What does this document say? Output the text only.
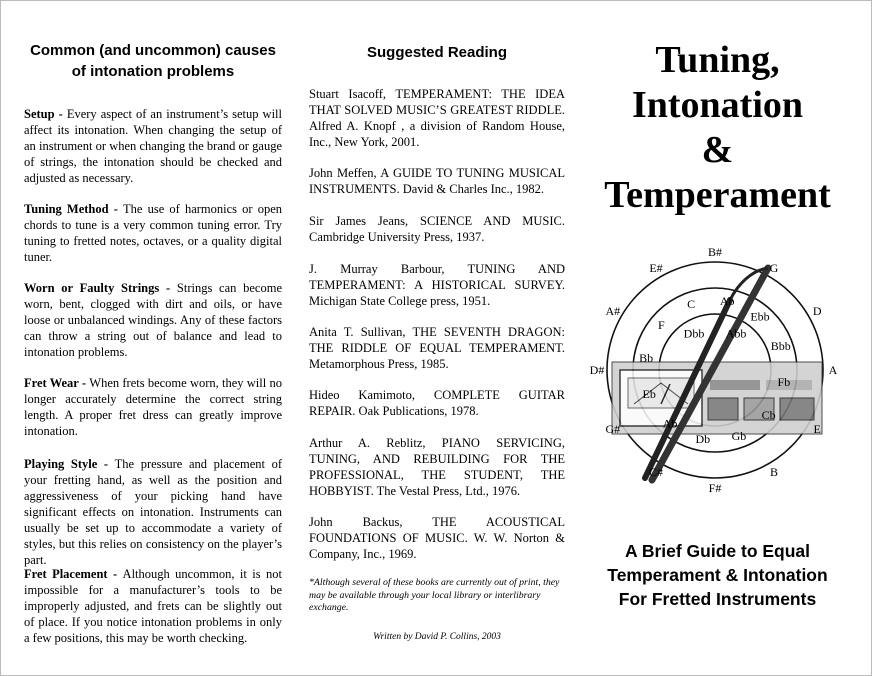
Common (and uncommon) causes of intonation problems
Setup - Every aspect of an instrument’s setup will affect its intonation. When changing the setup of an instrument or when changing the brand or gauge of strings, the intonation should be checked and adjusted as necessary.
Tuning Method - The use of harmonics or open chords to tune is a very common tuning error. Try tuning to fretted notes, octaves, or a quality digital tuner.
Worn or Faulty Strings - Strings can become worn, bent, clogged with dirt and oils, or have loose or unbalanced windings. Any of these factors can throw a string out of balance and lead to intonation problems.
Fret Wear - When frets become worn, they will no longer accurately determine the correct string length. A proper fret dress can greatly improve intonation.
Playing Style - The pressure and placement of your fretting hand, as well as the position and aggressiveness of your picking hand have significant effects on intonation. Instruments can usually be set up to accommodate a variety of styles, but this relies on consistency on the player’s part.
Fret Placement - Although uncommon, it is not impossible for a manufacturer’s tools to be improperly adjusted, and frets can be slightly out of place. If you notice intonation problems in only a few positions, this may be worth checking.
Suggested Reading
Stuart Isacoff, TEMPERAMENT: THE IDEA THAT SOLVED MUSIC’S GREATEST RIDDLE. Alfred A. Knopf , a division of Random House, Inc., New York, 2001.
John Meffen, A GUIDE TO TUNING MUSICAL INSTRUMENTS. David & Charles Inc., 1982.
Sir James Jeans, SCIENCE AND MUSIC. Cambridge University Press, 1937.
J. Murray Barbour, TUNING AND TEMPERAMENT: A HISTORICAL SURVEY. Michigan State College press, 1951.
Anita T. Sullivan, THE SEVENTH DRAGON: THE RIDDLE OF EQUAL TEMPERAMENT. Metamorphous Press, 1985.
Hideo Kamimoto, COMPLETE GUITAR REPAIR. Oak Publications, 1978.
Arthur A. Reblitz, PIANO SERVICING, TUNING, AND REBUILDING FOR THE PROFESSIONAL, THE STUDENT, THE HOBBYIST. The Vestal Press, Ltd., 1976.
John Backus, THE ACOUSTICAL FOUNDATIONS OF MUSIC. W. W. Norton & Company, Inc., 1969.
*Although several of these books are currently out of print, they may be available through your local library or interlibrary exchange.
Written by David P. Collins, 2003
Tuning,
Intonation
&
Temperament
A Brief Guide to Equal
Temperament & Intonation
For Fretted Instruments
B#
G
D
A
E
B
F#
C#
G#
D#
A#
E#
C Ab
Ebb
Bbb
Fb
Cb
Gb
Db
Ab
Eb
Bb
F
Dbb Abb
